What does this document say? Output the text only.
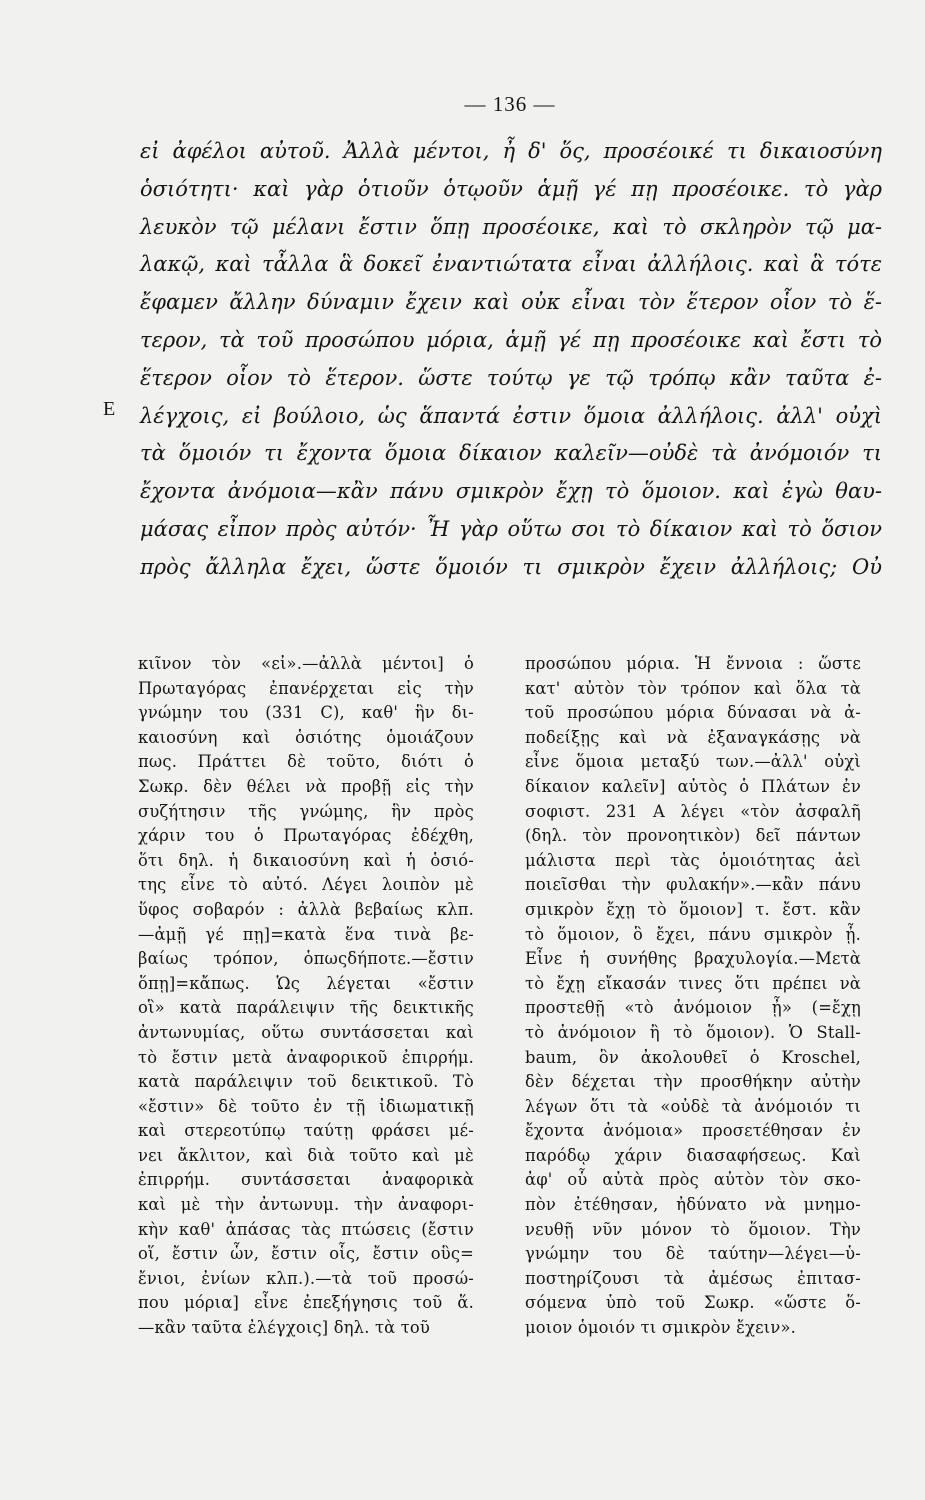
— 136 —
E
εἰ ἀφέλοι αὐτοῦ. Ἀλλὰ μέντοι, ἦ δ' ὅς, προσέοικέ τι δικαιοσύνη
ὁσιότητι· καὶ γὰρ ὁτιοῦν ὁτῳοῦν ἁμῇ γέ πῃ προσέοικε. τὸ γὰρ
λευκὸν τῷ μέλανι ἔστιν ὅπῃ προσέοικε, καὶ τὸ σκληρὸν τῷ μα-
λακῷ, καὶ τἆλλα ἃ δοκεῖ ἐναντιώτατα εἶναι ἀλλήλοις. καὶ ἃ τότε
ἔφαμεν ἄλλην δύναμιν ἔχειν καὶ οὐκ εἶναι τὸν ἕτερον οἷον τὸ ἕ-
τερον, τὰ τοῦ προσώπου μόρια, ἁμῇ γέ πῃ προσέοικε καὶ ἔστι τὸ
ἕτερον οἷον τὸ ἕτερον. ὥστε τούτῳ γε τῷ τρόπῳ κἂν ταῦτα ἐ-
λέγχοις, εἰ βούλοιο, ὡς ἅπαντά ἐστιν ὅμοια ἀλλήλοις. ἀλλ' οὐχὶ
τὰ ὅμοιόν τι ἔχοντα ὅμοια δίκαιον καλεῖν—οὐδὲ τὰ ἀνόμοιόν τι
ἔχοντα ἀνόμοια—κἂν πάνυ σμικρὸν ἔχῃ τὸ ὅμοιον. καὶ ἐγὼ θαυ-
μάσας εἶπον πρὸς αὐτόν· Ἦ γὰρ οὕτω σοι τὸ δίκαιον καὶ τὸ ὅσιον
πρὸς ἄλληλα ἔχει, ὥστε ὅμοιόν τι σμικρὸν ἔχειν ἀλλήλοις; Οὐ
κιῖνον τὸν «εἰ».—ἀλλὰ μέντοι] ὁ
Πρωταγόρας ἐπανέρχεται εἰς τὴν
γνώμην του (331 C), καθ' ἣν δι-
καιοσύνη καὶ ὁσιότης ὁμοιάζουν
πως. Πράττει δὲ τοῦτο, διότι ὁ
Σωκρ. δὲν θέλει νὰ προβῇ εἰς τὴν
συζήτησιν τῆς γνώμης, ἣν πρὸς
χάριν του ὁ Πρωταγόρας ἐδέχθη,
ὅτι δηλ. ἡ δικαιοσύνη καὶ ἡ ὁσιό-
της εἶνε τὸ αὐτό. Λέγει λοιπὸν μὲ
ὕφος σοβαρόν : ἀλλὰ βεβαίως κλπ.
—ἀμῇ γέ πῃ]=κατὰ ἕνα τινὰ βε-
βαίως τρόπον, ὁπωςδήποτε.—ἔστιν
ὅπῃ]=κἄπως. Ὡς λέγεται «ἔστιν
οἳ» κατὰ παράλειψιν τῆς δεικτικῆς
ἀντωνυμίας, οὕτω συντάσσεται καὶ
τὸ ἔστιν μετὰ ἀναφορικοῦ ἐπιρρήμ.
κατὰ παράλειψιν τοῦ δεικτικοῦ. Τὸ
«ἔστιν» δὲ τοῦτο ἐν τῇ ἰδιωματικῇ
καὶ στερεοτύπῳ ταύτῃ φράσει μέ-
νει ἄκλιτον, καὶ διὰ τοῦτο καὶ μὲ
ἐπιρρήμ. συντάσσεται ἀναφορικὰ
καὶ μὲ τὴν ἀντωνυμ. τὴν ἀναφορι-
κὴν καθ' ἁπάσας τὰς πτώσεις (ἔστιν
οἵ, ἔστιν ὧν, ἔστιν οἷς, ἔστιν οὓς=
ἔνιοι, ἐνίων κλπ.).—τὰ τοῦ προσώ-
που μόρια] εἶνε ἐπεξήγησις τοῦ ἅ.
—κἂν ταῦτα ἐλέγχοις] δηλ. τὰ τοῦ
προσώπου μόρια. Ἡ ἔννοια : ὥστε
κατ' αὐτὸν τὸν τρόπον καὶ ὅλα τὰ
τοῦ προσώπου μόρια δύνασαι νὰ ἀ-
ποδείξῃς καὶ νὰ ἐξαναγκάσῃς νὰ
εἶνε ὅμοια μεταξύ των.—ἀλλ' οὐχὶ
δίκαιον καλεῖν] αὐτὸς ὁ Πλάτων ἐν
σοφιστ. 231 A λέγει «τὸν ἀσφαλῆ
(δηλ. τὸν προνοητικὸν) δεῖ πάντων
μάλιστα περὶ τὰς ὁμοιότητας ἀεὶ
ποιεῖσθαι τὴν φυλακήν».—κἂν πάνυ
σμικρὸν ἔχῃ τὸ ὅμοιον] τ. ἔστ. κἂν
τὸ ὅμοιον, ὃ ἔχει, πάνυ σμικρὸν ᾖ.
Εἶνε ἡ συνήθης βραχυλογία.—Μετὰ
τὸ ἔχῃ εἴκασάν τινες ὅτι πρέπει νὰ
προστεθῇ «τὸ ἀνόμοιον ᾖ» (=ἔχῃ
τὸ ἀνόμοιον ἢ τὸ ὅμοιον). Ὁ Stall-
baum, ὃν ἀκολουθεῖ ὁ Kroschel,
δὲν δέχεται τὴν προσθήκην αὐτὴν
λέγων ὅτι τὰ «οὐδὲ τὰ ἀνόμοιόν τι
ἔχοντα ἀνόμοια» προσετέθησαν ἐν
παρόδῳ χάριν διασαφήσεως. Καὶ
ἀφ' οὗ αὐτὰ πρὸς αὐτὸν τὸν σκο-
πὸν ἐτέθησαν, ἠδύνατο νὰ μνημο-
νευθῇ νῦν μόνον τὸ ὅμοιον. Τὴν
γνώμην του δὲ ταύτην—λέγει—ὑ-
ποστηρίζουσι τὰ ἀμέσως ἐπιτασ-
σόμενα ὑπὸ τοῦ Σωκρ. «ὥστε ὅ-
μοιον ὁμοιόν τι σμικρὸν ἔχειν».
